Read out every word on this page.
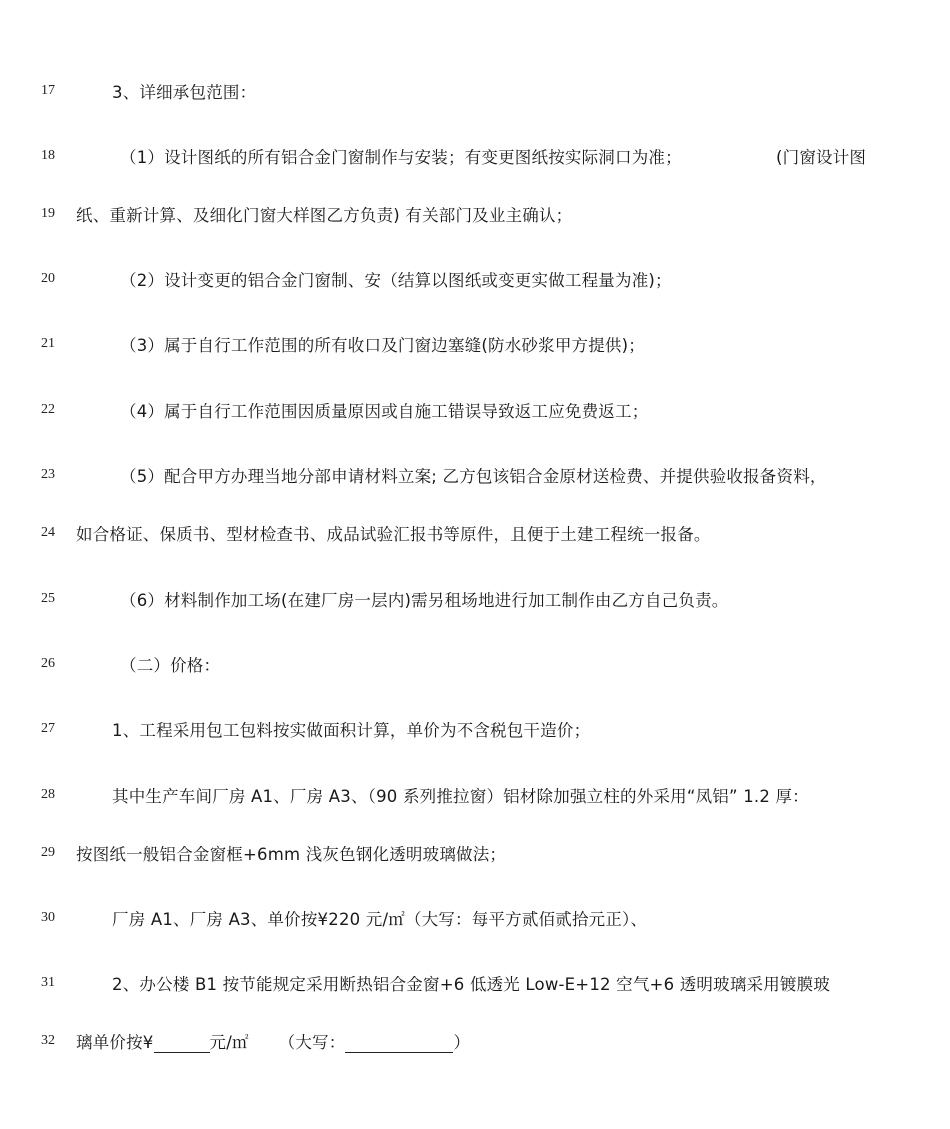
17	3、详细承包范围：
18	（1）设计图纸的所有铝合金门窗制作与安装；有变更图纸按实际洞口为准；	(门窗设计图
19 纸、重新计算、及细化门窗大样图乙方负责) 有关部门及业主确认；
20	（2）设计变更的铝合金门窗制、安（结算以图纸或变更实做工程量为准)；
21	（3）属于自行工作范围的所有收口及门窗边塞缝(防水砂浆甲方提供)；
22	（4）属于自行工作范围因质量原因或自施工错误导致返工应免费返工；
23	（5）配合甲方办理当地分部申请材料立案; 乙方包该铝合金原材送检费、并提供验收报备资料，
24 如合格证、保质书、型材检查书、成品试验汇报书等原件，且便于土建工程统一报备。
25	（6）材料制作加工场(在建厂房一层内)需另租场地进行加工制作由乙方自己负责。
26	（二）价格：
27	1、工程采用包工包料按实做面积计算，单价为不含税包干造价；
28	其中生产车间厂房 A1、厂房 A3、（90 系列推拉窗）铝材除加强立柱的外采用“凤铝” 1.2 厚：
29 按图纸一般铝合金窗框+6mm 浅灰色钢化透明玻璃做法；
30	厂房 A1、厂房 A3、单价按¥220 元/㎡（大写：每平方贰佰贰拾元正）、
31	2、办公楼 B1 按节能规定采用断热铝合金窗+6 低透光 Low-E+12 空气+6 透明玻璃采用镀膜玻
32 璃单价按¥	元/㎡ （大写：	）
